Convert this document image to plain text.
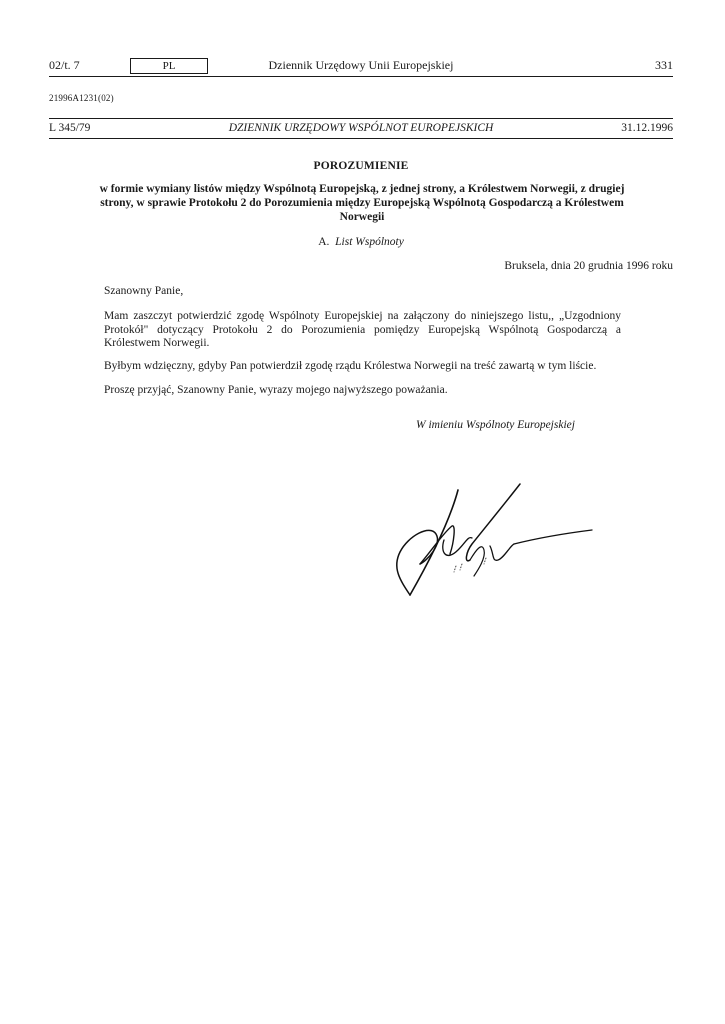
02/t. 7	PL	Dziennik Urzędowy Unii Europejskiej	331
21996A1231(02)
L 345/79	DZIENNIK URZĘDOWY WSPÓLNOT EUROPEJSKICH	31.12.1996
POROZUMIENIE
w formie wymiany listów między Wspólnotą Europejską, z jednej strony, a Królestwem Norwegii, z drugiej strony, w sprawie Protokołu 2 do Porozumienia między Europejską Wspólnotą Gospodarczą a Królestwem Norwegii
A. List Wspólnoty
Bruksela, dnia 20 grudnia 1996 roku
Szanowny Panie,
Mam zaszczyt potwierdzić zgodę Wspólnoty Europejskiej na załączony do niniejszego listu,, „Uzgodniony Protokół" dotyczący Protokołu 2 do Porozumienia pomiędzy Europejską Wspólnotą Gospodarczą a Królestwem Norwegii.
Byłbym wdzięczny, gdyby Pan potwierdził zgodę rządu Królestwa Norwegii na treść zawartą w tym liście.
Proszę przyjąć, Szanowny Panie, wyrazy mojego najwyższego poważania.
W imieniu Wspólnoty Europejskiej
